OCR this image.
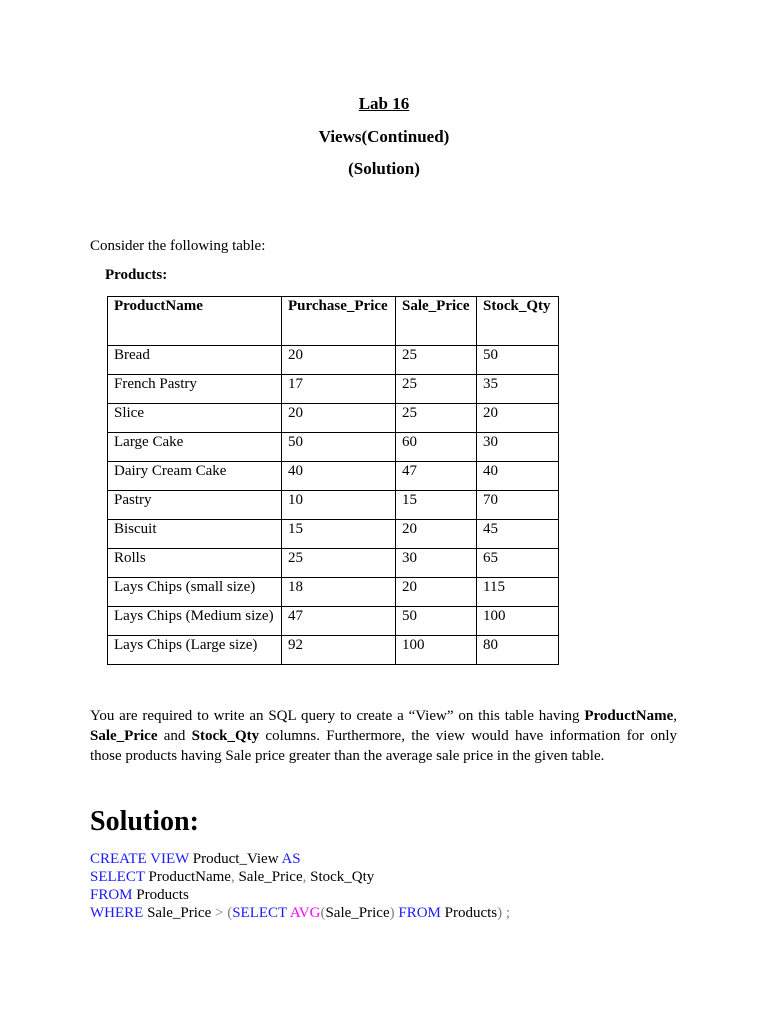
Lab 16
Views(Continued)
(Solution)
Consider the following table:
Products:
ProductName	Purchase_Price	Sale_Price	Stock_Qty
Bread	20	25	50
French Pastry	17	25	35
Slice	20	25	20
Large Cake	50	60	30
Dairy Cream Cake	40	47	40
Pastry	10	15	70
Biscuit	15	20	45
Rolls	25	30	65
Lays Chips (small size)	18	20	115
Lays Chips (Medium size)	47	50	100
Lays Chips (Large size)	92	100	80
You are required to write an SQL query to create a “View” on this table having ProductName, Sale_Price and Stock_Qty columns. Furthermore, the view would have information for only those products having Sale price greater than the average sale price in the given table.
Solution:
CREATE VIEW Product_View AS
SELECT ProductName, Sale_Price, Stock_Qty
FROM Products
WHERE Sale_Price > (SELECT AVG(Sale_Price) FROM Products) ;
